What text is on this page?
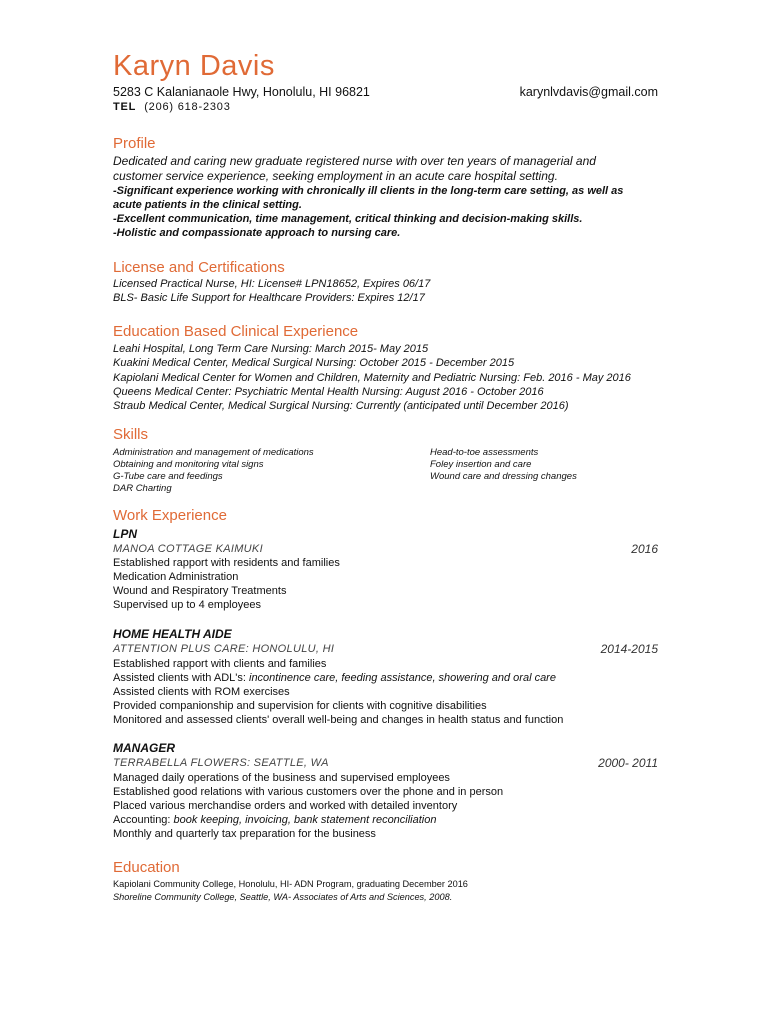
Karyn Davis
5283 C Kalanianaole Hwy, Honolulu, HI 96821	karynlvdavis@gmail.com
TEL (206) 618-2303
Profile
Dedicated and caring new graduate registered nurse with over ten years of managerial and
customer service experience, seeking employment in an acute care hospital setting.
-Significant experience working with chronically ill clients in the long-term care setting, as well as
acute patients in the clinical setting.
-Excellent communication, time management, critical thinking and decision-making skills.
-Holistic and compassionate approach to nursing care.
License and Certifications
Licensed Practical Nurse, HI: License# LPN18652, Expires 06/17
BLS- Basic Life Support for Healthcare Providers: Expires 12/17
Education Based Clinical Experience
Leahi Hospital, Long Term Care Nursing: March 2015- May 2015
Kuakini Medical Center, Medical Surgical Nursing: October 2015 - December 2015
Kapiolani Medical Center for Women and Children, Maternity and Pediatric Nursing: Feb. 2016 - May 2016
Queens Medical Center: Psychiatric Mental Health Nursing: August 2016 - October 2016
Straub Medical Center, Medical Surgical Nursing: Currently (anticipated until December 2016)
Skills
Administration and management of medications
Obtaining and monitoring vital signs
G-Tube care and feedings
DAR Charting
Head-to-toe assessments
Foley insertion and care
Wound care and dressing changes
Work Experience
LPN
MANOA COTTAGE KAIMUKI	2016
Established rapport with residents and families
Medication Administration
Wound and Respiratory Treatments
Supervised up to 4 employees
HOME HEALTH AIDE
ATTENTION PLUS CARE: HONOLULU, HI	2014-2015
Established rapport with clients and families
Assisted clients with ADL's: incontinence care, feeding assistance, showering and oral care
Assisted clients with ROM exercises
Provided companionship and supervision for clients with cognitive disabilities
Monitored and assessed clients' overall well-being and changes in health status and function
MANAGER
TERRABELLA FLOWERS: SEATTLE, WA	2000- 2011
Managed daily operations of the business and supervised employees
Established good relations with various customers over the phone and in person
Placed various merchandise orders and worked with detailed inventory
Accounting: book keeping, invoicing, bank statement reconciliation
Monthly and quarterly tax preparation for the business
Education
Kapiolani Community College, Honolulu, HI- ADN Program, graduating December 2016
Shoreline Community College, Seattle, WA- Associates of Arts and Sciences, 2008.
